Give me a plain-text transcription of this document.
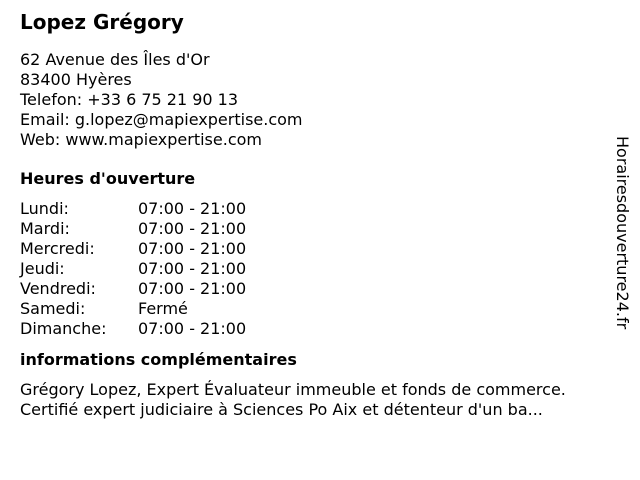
Lopez Grégory
62 Avenue des Îles d'Or
83400 Hyères
Telefon: +33 6 75 21 90 13
Email: g.lopez@mapiexpertise.com
Web: www.mapiexpertise.com
Heures d'ouverture
Lundi:	07:00 - 21:00
Mardi:	07:00 - 21:00
Mercredi:	07:00 - 21:00
Jeudi:	07:00 - 21:00
Vendredi:	07:00 - 21:00
Samedi:	Fermé
Dimanche:	07:00 - 21:00
informations complémentaires
Grégory Lopez, Expert Évaluateur immeuble et fonds de commerce.
Certifié expert judiciaire à Sciences Po Aix et détenteur d'un ba...
Horairesdouverture24.fr
